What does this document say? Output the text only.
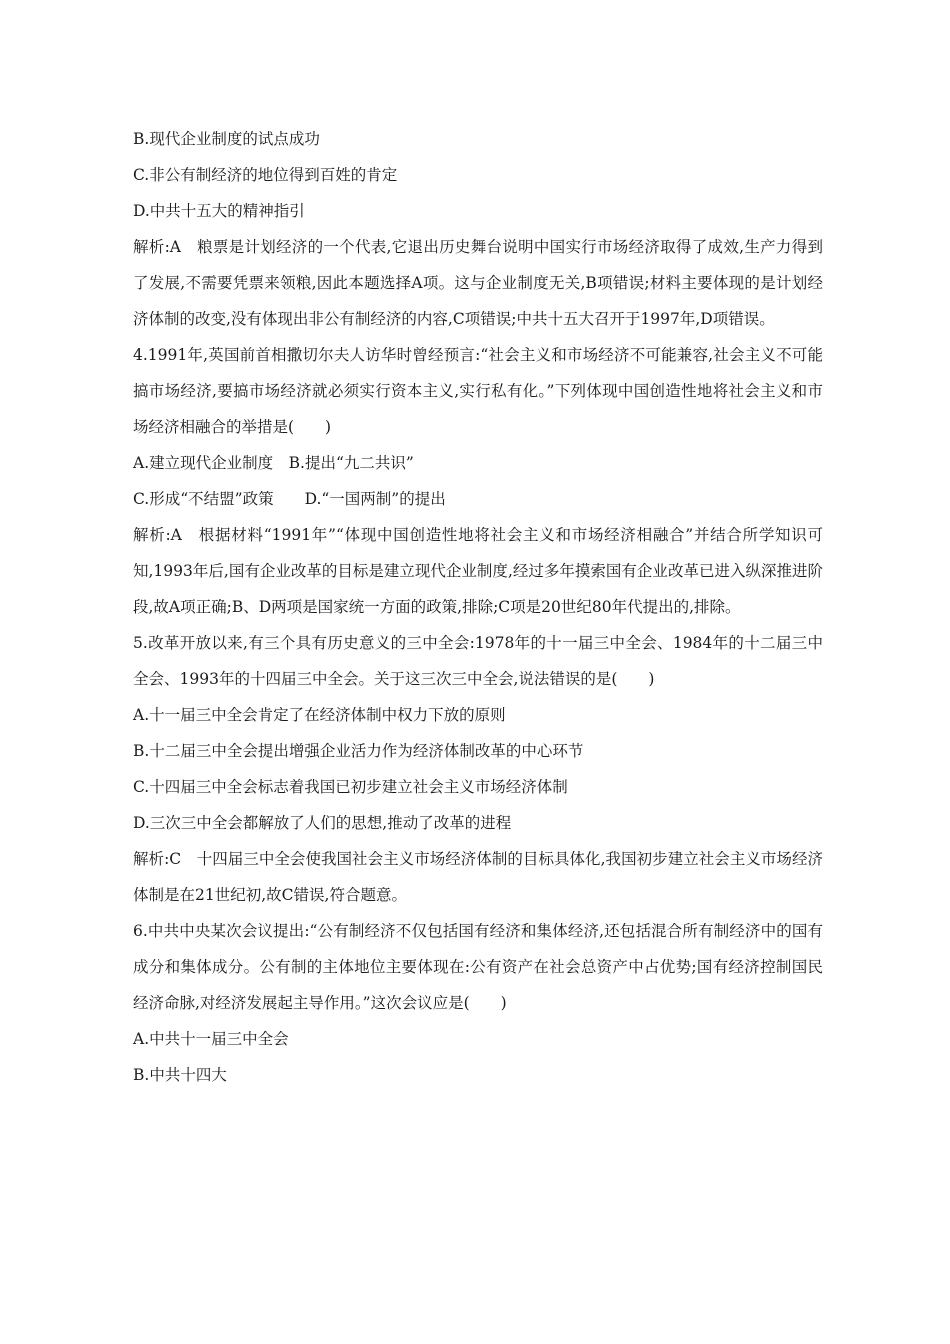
B.现代企业制度的试点成功

C.非公有制经济的地位得到百姓的肯定

D.中共十五大的精神指引

解析:A　粮票是计划经济的一个代表,它退出历史舞台说明中国实行市场经济取得了成效,生产力得到了发展,不需要凭票来领粮,因此本题选择A项。这与企业制度无关,B项错误;材料主要体现的是计划经济体制的改变,没有体现出非公有制经济的内容,C项错误;中共十五大召开于1997年,D项错误。

4.1991年,英国前首相撒切尔夫人访华时曾经预言:“社会主义和市场经济不可能兼容,社会主义不可能搞市场经济,要搞市场经济就必须实行资本主义,实行私有化。”下列体现中国创造性地将社会主义和市场经济相融合的举措是(　　)

A.建立现代企业制度　B.提出“九二共识”

C.形成“不结盟”政策　　D.“一国两制”的提出

解析:A　根据材料“1991年”“体现中国创造性地将社会主义和市场经济相融合”并结合所学知识可知,1993年后,国有企业改革的目标是建立现代企业制度,经过多年摸索国有企业改革已进入纵深推进阶段,故A项正确;B、D两项是国家统一方面的政策,排除;C项是20世纪80年代提出的,排除。

5.改革开放以来,有三个具有历史意义的三中全会:1978年的十一届三中全会、1984年的十二届三中全会、1993年的十四届三中全会。关于这三次三中全会,说法错误的是(　　)

A.十一届三中全会肯定了在经济体制中权力下放的原则

B.十二届三中全会提出增强企业活力作为经济体制改革的中心环节

C.十四届三中全会标志着我国已初步建立社会主义市场经济体制

D.三次三中全会都解放了人们的思想,推动了改革的进程

解析:C　十四届三中全会使我国社会主义市场经济体制的目标具体化,我国初步建立社会主义市场经济体制是在21世纪初,故C错误,符合题意。

6.中共中央某次会议提出:“公有制经济不仅包括国有经济和集体经济,还包括混合所有制经济中的国有成分和集体成分。公有制的主体地位主要体现在:公有资产在社会总资产中占优势;国有经济控制国民经济命脉,对经济发展起主导作用。”这次会议应是(　　)

A.中共十一届三中全会

B.中共十四大
